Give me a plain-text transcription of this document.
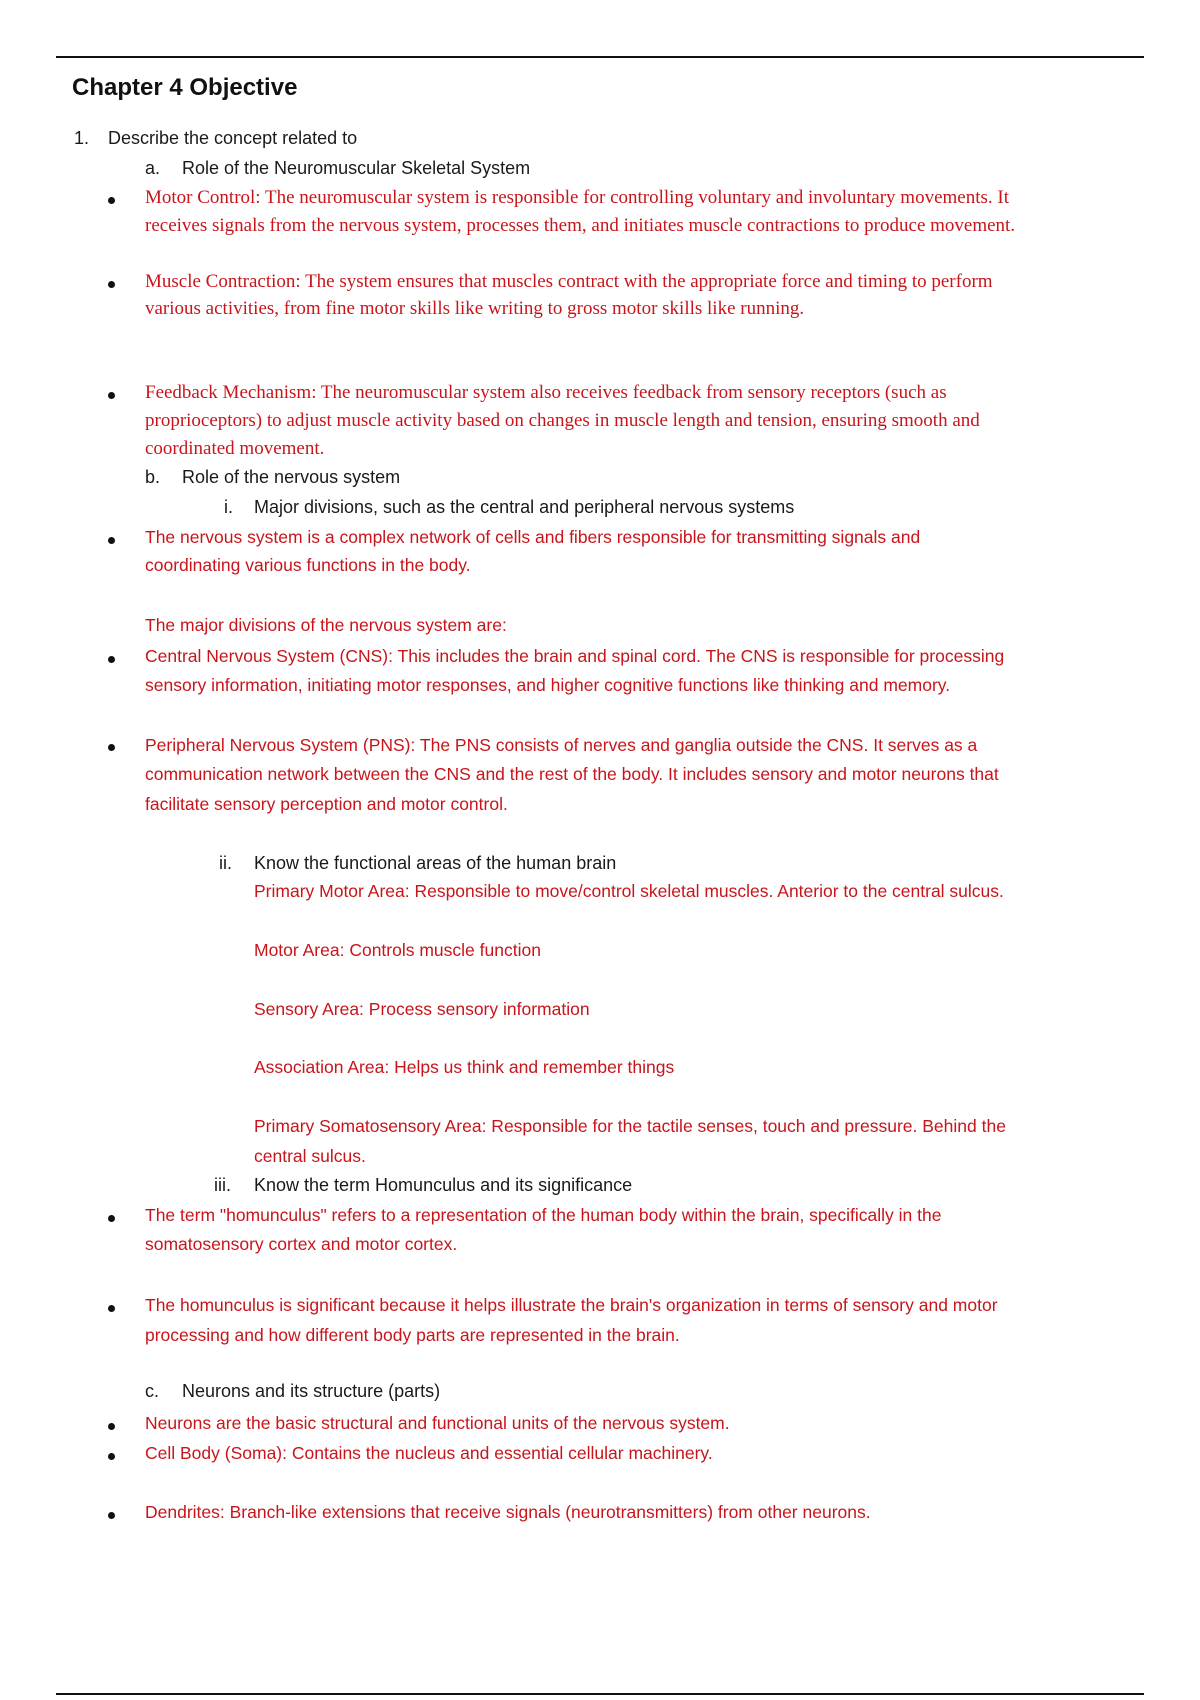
Chapter 4 Objective
1. Describe the concept related to
a. Role of the Neuromuscular Skeletal System
Motor Control: The neuromuscular system is responsible for controlling voluntary and involuntary movements. It
receives signals from the nervous system, processes them, and initiates muscle contractions to produce movement.
Muscle Contraction: The system ensures that muscles contract with the appropriate force and timing to perform
various activities, from fine motor skills like writing to gross motor skills like running.
Feedback Mechanism: The neuromuscular system also receives feedback from sensory receptors (such as
proprioceptors) to adjust muscle activity based on changes in muscle length and tension, ensuring smooth and
coordinated movement.
b. Role of the nervous system
i. Major divisions, such as the central and peripheral nervous systems
The nervous system is a complex network of cells and fibers responsible for transmitting signals and
coordinating various functions in the body.
The major divisions of the nervous system are:
Central Nervous System (CNS): This includes the brain and spinal cord. The CNS is responsible for processing
sensory information, initiating motor responses, and higher cognitive functions like thinking and memory.
Peripheral Nervous System (PNS): The PNS consists of nerves and ganglia outside the CNS. It serves as a
communication network between the CNS and the rest of the body. It includes sensory and motor neurons that
facilitate sensory perception and motor control.
ii. Know the functional areas of the human brain
Primary Motor Area: Responsible to move/control skeletal muscles. Anterior to the central sulcus.
Motor Area: Controls muscle function
Sensory Area: Process sensory information
Association Area: Helps us think and remember things
Primary Somatosensory Area: Responsible for the tactile senses, touch and pressure. Behind the
central sulcus.
iii. Know the term Homunculus and its significance
The term "homunculus" refers to a representation of the human body within the brain, specifically in the
somatosensory cortex and motor cortex.
The homunculus is significant because it helps illustrate the brain's organization in terms of sensory and motor
processing and how different body parts are represented in the brain.
c. Neurons and its structure (parts)
Neurons are the basic structural and functional units of the nervous system.
Cell Body (Soma): Contains the nucleus and essential cellular machinery.
Dendrites: Branch-like extensions that receive signals (neurotransmitters) from other neurons.
